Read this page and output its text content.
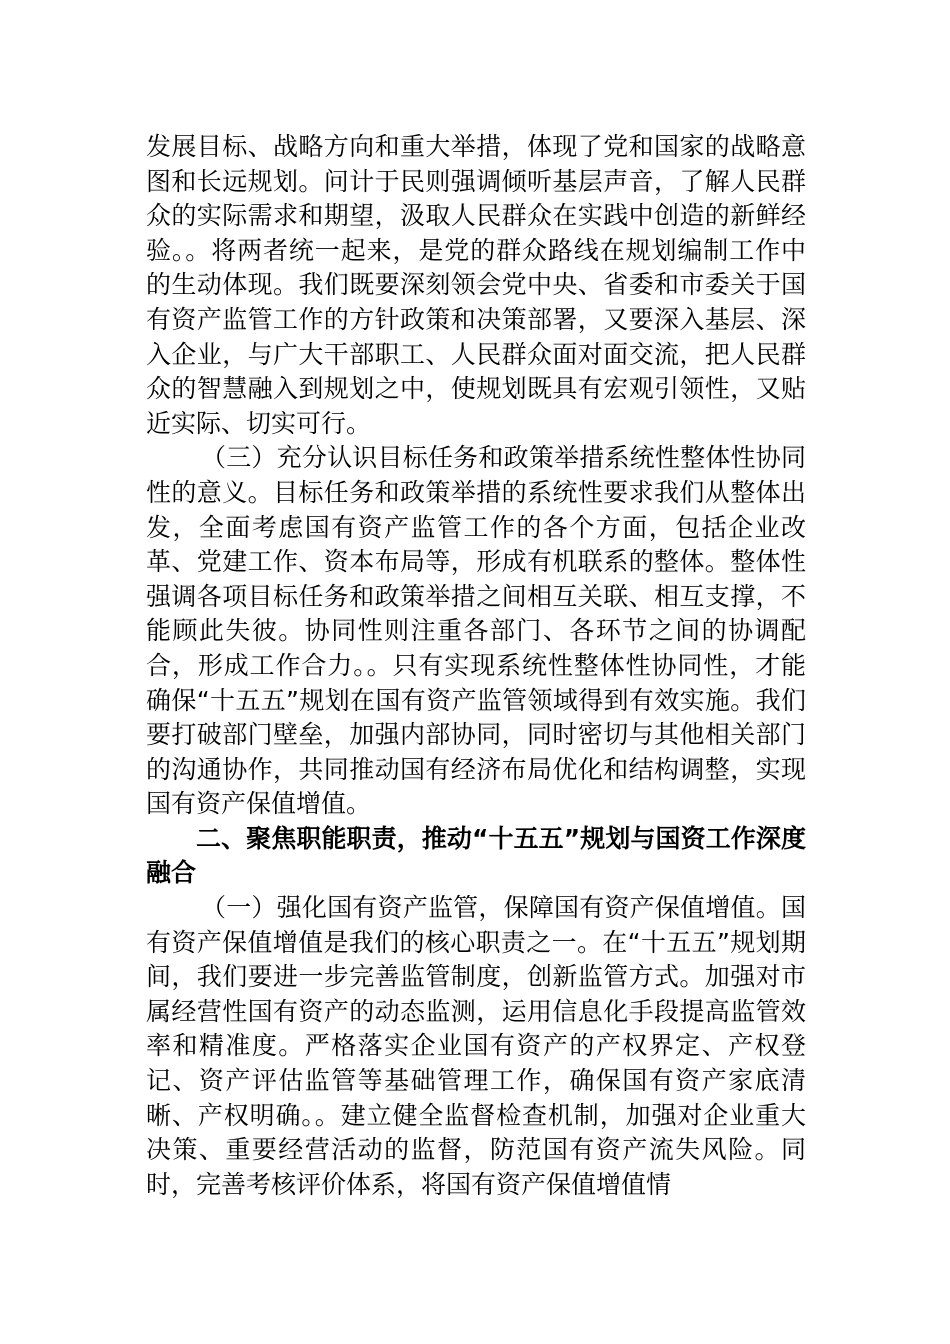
发展目标、战略方向和重大举措，体现了党和国家的战略意图和长远规划。问计于民则强调倾听基层声音，了解人民群众的实际需求和期望，汲取人民群众在实践中创造的新鲜经验。。将两者统一起来，是党的群众路线在规划编制工作中的生动体现。我们既要深刻领会党中央、省委和市委关于国有资产监管工作的方针政策和决策部署，又要深入基层、深入企业，与广大干部职工、人民群众面对面交流，把人民群众的智慧融入到规划之中，使规划既具有宏观引领性，又贴近实际、切实可行。

（三）充分认识目标任务和政策举措系统性整体性协同性的意义。目标任务和政策举措的系统性要求我们从整体出发，全面考虑国有资产监管工作的各个方面，包括企业改革、党建工作、资本布局等，形成有机联系的整体。整体性强调各项目标任务和政策举措之间相互关联、相互支撑，不能顾此失彼。协同性则注重各部门、各环节之间的协调配合，形成工作合力。。只有实现系统性整体性协同性，才能确保“十五五”规划在国有资产监管领域得到有效实施。我们要打破部门壁垒，加强内部协同，同时密切与其他相关部门的沟通协作，共同推动国有经济布局优化和结构调整，实现国有资产保值增值。

二、聚焦职能职责，推动“十五五”规划与国资工作深度融合

（一）强化国有资产监管，保障国有资产保值增值。国有资产保值增值是我们的核心职责之一。在“十五五”规划期间，我们要进一步完善监管制度，创新监管方式。加强对市属经营性国有资产的动态监测，运用信息化手段提高监管效率和精准度。严格落实企业国有资产的产权界定、产权登记、资产评估监管等基础管理工作，确保国有资产家底清晰、产权明确。。建立健全监督检查机制，加强对企业重大决策、重要经营活动的监督，防范国有资产流失风险。同时，完善考核评价体系，将国有资产保值增值情
